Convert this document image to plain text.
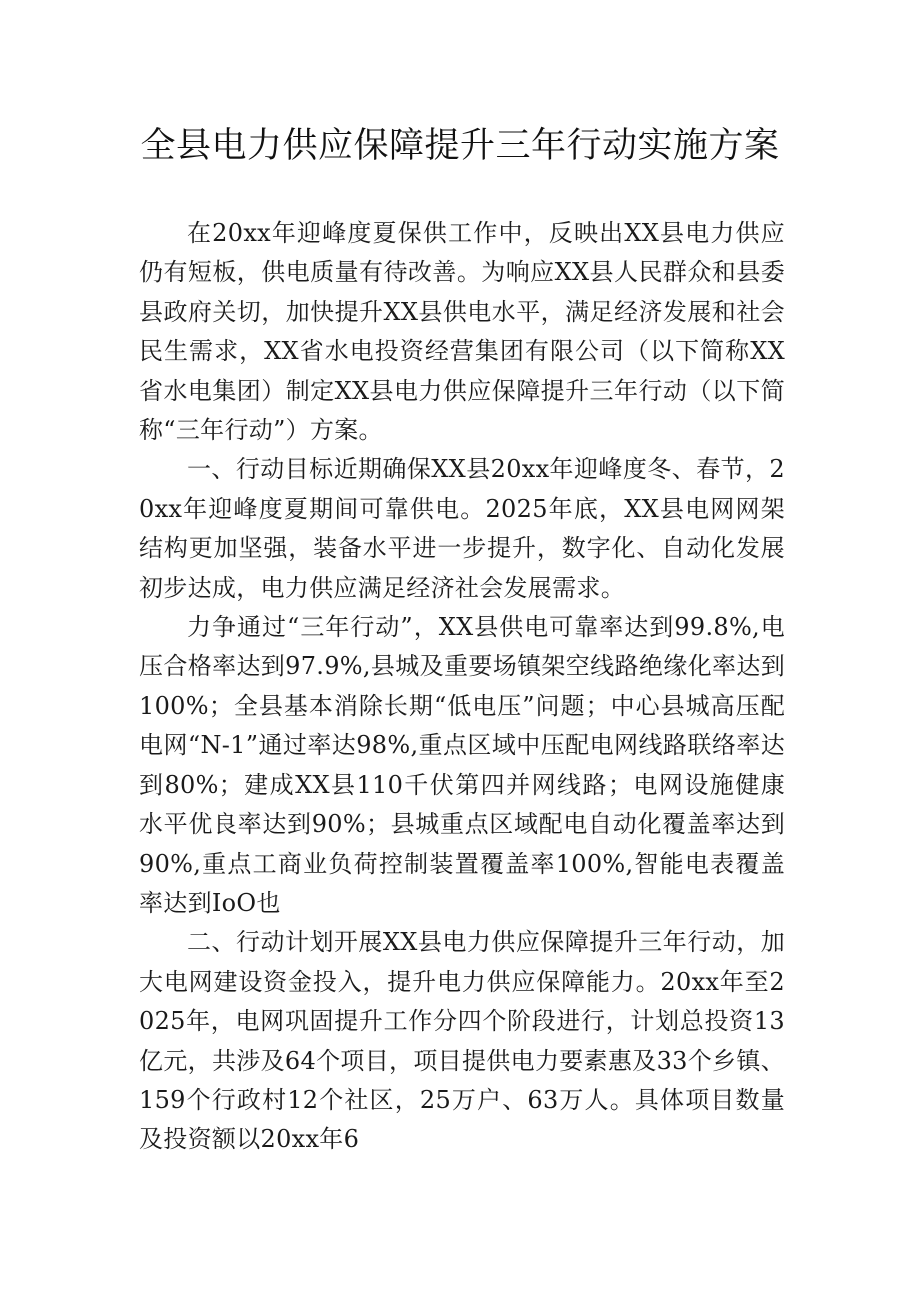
全县电力供应保障提升三年行动实施方案

在20xx年迎峰度夏保供工作中，反映出XX县电力供应仍有短板，供电质量有待改善。为响应XX县人民群众和县委县政府关切，加快提升XX县供电水平，满足经济发展和社会民生需求，XX省水电投资经营集团有限公司（以下简称XX省水电集团）制定XX县电力供应保障提升三年行动（以下简称“三年行动”）方案。

一、行动目标近期确保XX县20xx年迎峰度冬、春节，20xx年迎峰度夏期间可靠供电。2025年底，XX县电网网架结构更加坚强，装备水平进一步提升，数字化、自动化发展初步达成，电力供应满足经济社会发展需求。

力争通过“三年行动”，XX县供电可靠率达到99.8%,电压合格率达到97.9%,县城及重要场镇架空线路绝缘化率达到100%；全县基本消除长期“低电压”问题；中心县城高压配电网“N-1”通过率达98%,重点区域中压配电网线路联络率达到80%；建成XX县110千伏第四并网线路；电网设施健康水平优良率达到90%；县城重点区域配电自动化覆盖率达到90%,重点工商业负荷控制装置覆盖率100%,智能电表覆盖率达到IoO也

二、行动计划开展XX县电力供应保障提升三年行动，加大电网建设资金投入，提升电力供应保障能力。20xx年至2025年，电网巩固提升工作分四个阶段进行，计划总投资13亿元，共涉及64个项目，项目提供电力要素惠及33个乡镇、159个行政村12个社区，25万户、63万人。具体项目数量及投资额以20xx年6
